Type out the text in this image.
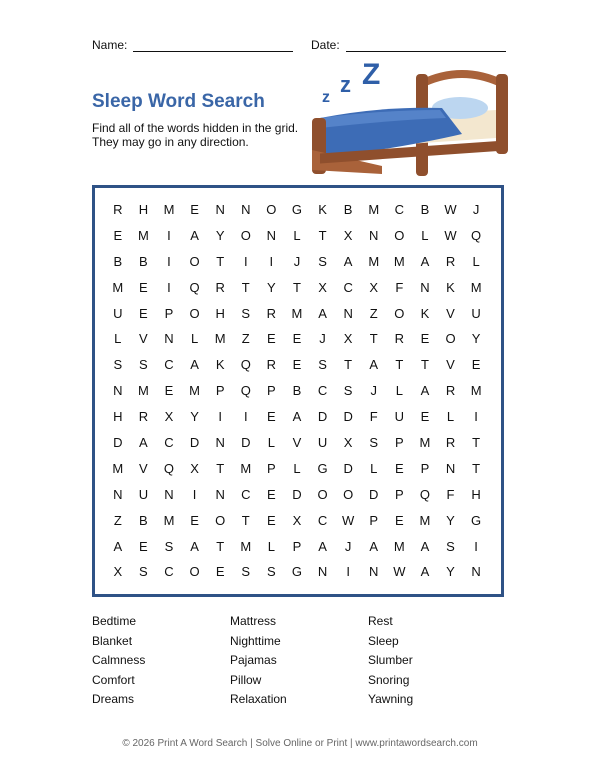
Name:	Date:
Sleep Word Search
Find all of the words hidden in the grid.
They may go in any direction.
z
z Z
R	H	M	E	N	N	O	G	K	B	M	C	B	W	J
E	M	I	A	Y	O	N	L	T	X	N	O	L	W	Q
B	B	I	O	T	I	I	J	S	A	M	M	A	R	L
M	E	I	Q	R	T	Y	T	X	C	X	F	N	K	M
U	E	P	O	H	S	R	M	A	N	Z	O	K	V	U
L	V	N	L	M	Z	E	E	J	X	T	R	E	O	Y
S	S	C	A	K	Q	R	E	S	T	A	T	T	V	E
N	M	E	M	P	Q	P	B	C	S	J	L	A	R	M
H	R	X	Y	I	I	E	A	D	D	F	U	E	L	I
D	A	C	D	N	D	L	V	U	X	S	P	M	R	T
M	V	Q	X	T	M	P	L	G	D	L	E	P	N	T
N	U	N	I	N	C	E	D	O	O	D	P	Q	F	H
Z	B	M	E	O	T	E	X	C	W	P	E	M	Y	G
A	E	S	A	T	M	L	P	A	J	A	M	A	S	I
X	S	C	O	E	S	S	G	N	I	N	W	A	Y	N
Bedtime	Mattress	Rest
Blanket	Nighttime	Sleep
Calmness	Pajamas	Slumber
Comfort	Pillow	Snoring
Dreams	Relaxation	Yawning
© 2026 Print A Word Search | Solve Online or Print | www.printawordsearch.com
